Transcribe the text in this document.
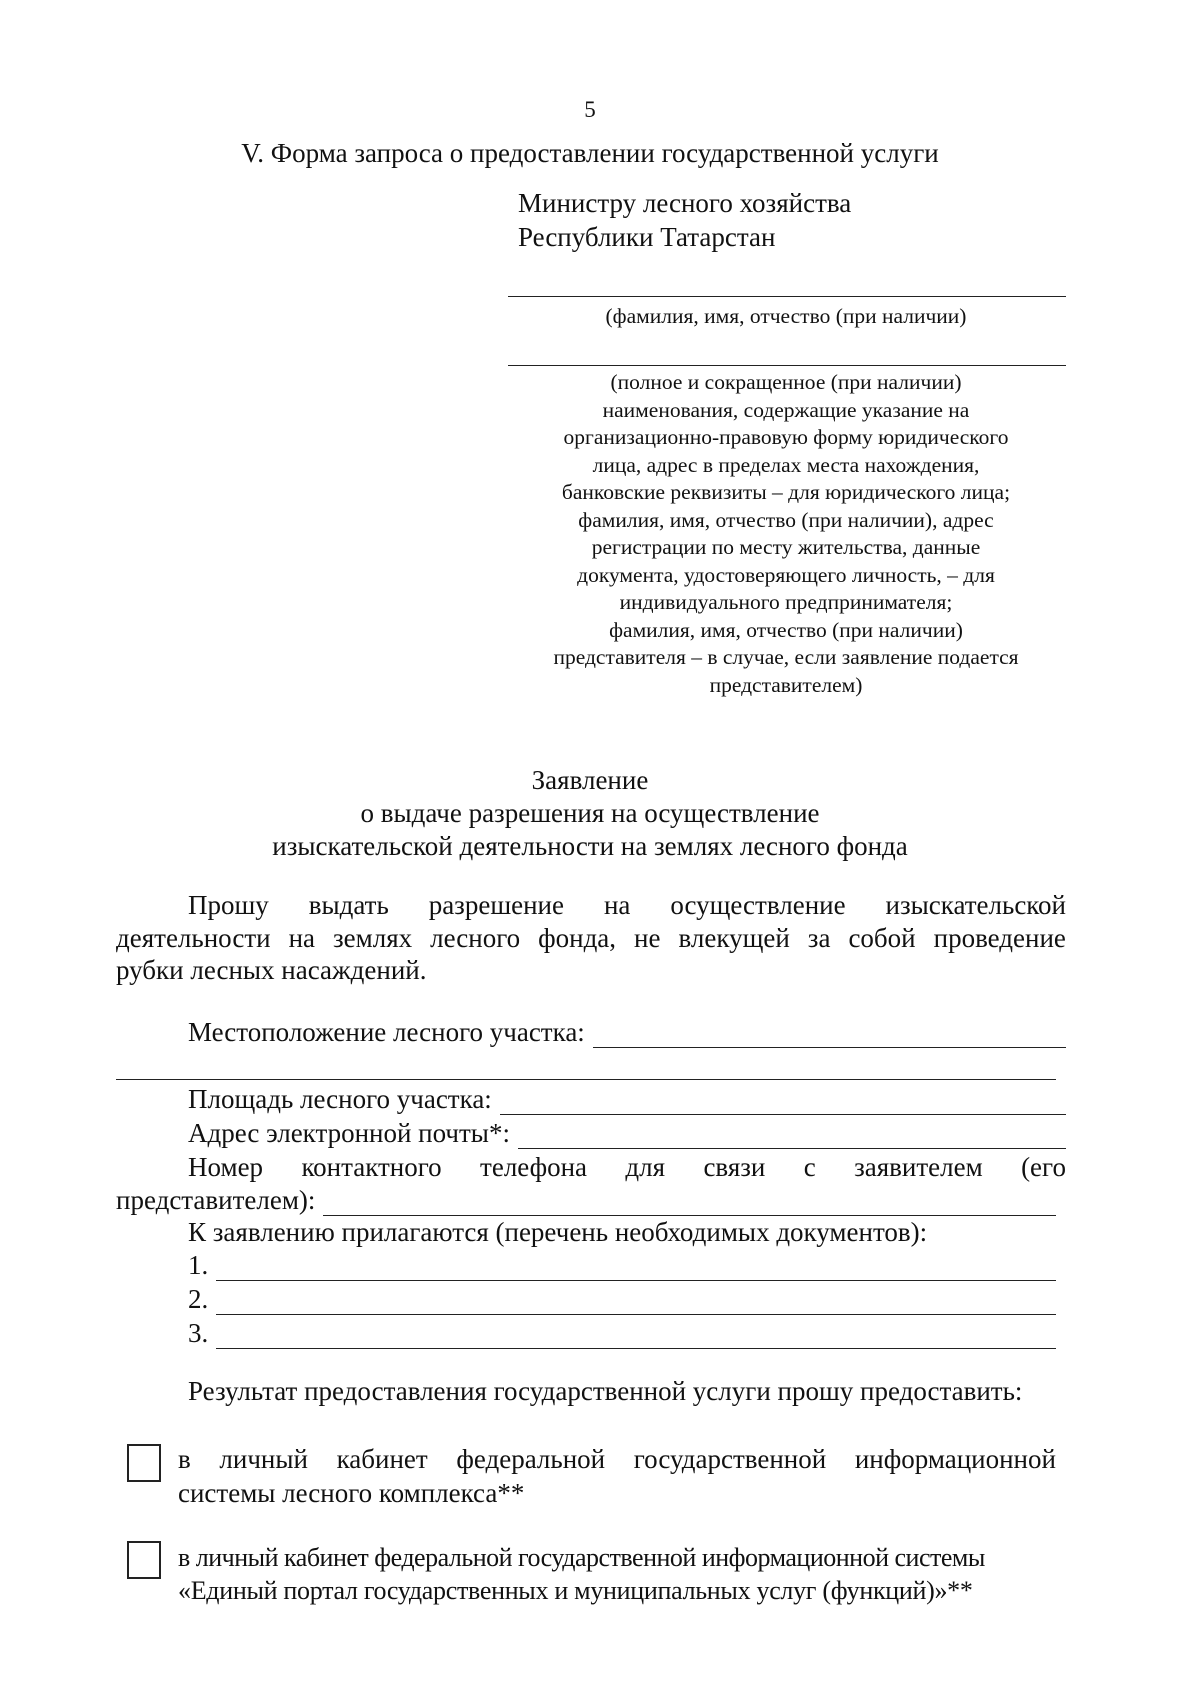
5
V. Форма запроса о предоставлении государственной услуги
Министру лесного хозяйства
Республики Татарстан
(фамилия, имя, отчество (при наличии)
(полное и сокращенное (при наличии)
наименования, содержащие указание на
организационно-правовую форму юридического
лица, адрес в пределах места нахождения,
банковские реквизиты – для юридического лица;
фамилия, имя, отчество (при наличии), адрес
регистрации по месту жительства, данные
документа, удостоверяющего личность, – для
индивидуального предпринимателя;
фамилия, имя, отчество (при наличии)
представителя – в случае, если заявление подается
представителем)
Заявление
о выдаче разрешения на осуществление
изыскательской деятельности на землях лесного фонда
Прошу выдать разрешение на осуществление изыскательской
деятельности на землях лесного фонда, не влекущей за собой проведение
рубки лесных насаждений.
Местоположение лесного участка:
Площадь лесного участка:
Адрес электронной почты*:
Номер контактного телефона для связи с заявителем (его
представителем):
К заявлению прилагаются (перечень необходимых документов):
1.
2.
3.
Результат предоставления государственной услуги прошу предоставить:
в личный кабинет федеральной государственной информационной
системы лесного комплекса**
в личный кабинет федеральной государственной информационной системы
«Единый портал государственных и муниципальных услуг (функций)»**
